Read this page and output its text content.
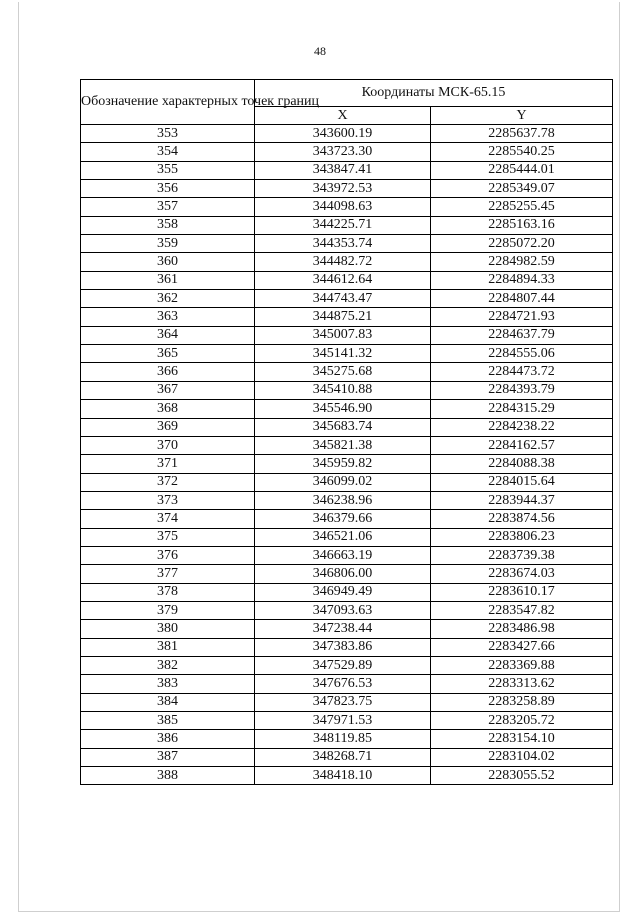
48
Обозначение характерных точек границ	Координаты МСК-65.15	
	X	Y
353	343600.19	2285637.78
354	343723.30	2285540.25
355	343847.41	2285444.01
356	343972.53	2285349.07
357	344098.63	2285255.45
358	344225.71	2285163.16
359	344353.74	2285072.20
360	344482.72	2284982.59
361	344612.64	2284894.33
362	344743.47	2284807.44
363	344875.21	2284721.93
364	345007.83	2284637.79
365	345141.32	2284555.06
366	345275.68	2284473.72
367	345410.88	2284393.79
368	345546.90	2284315.29
369	345683.74	2284238.22
370	345821.38	2284162.57
371	345959.82	2284088.38
372	346099.02	2284015.64
373	346238.96	2283944.37
374	346379.66	2283874.56
375	346521.06	2283806.23
376	346663.19	2283739.38
377	346806.00	2283674.03
378	346949.49	2283610.17
379	347093.63	2283547.82
380	347238.44	2283486.98
381	347383.86	2283427.66
382	347529.89	2283369.88
383	347676.53	2283313.62
384	347823.75	2283258.89
385	347971.53	2283205.72
386	348119.85	2283154.10
387	348268.71	2283104.02
388	348418.10	2283055.52
